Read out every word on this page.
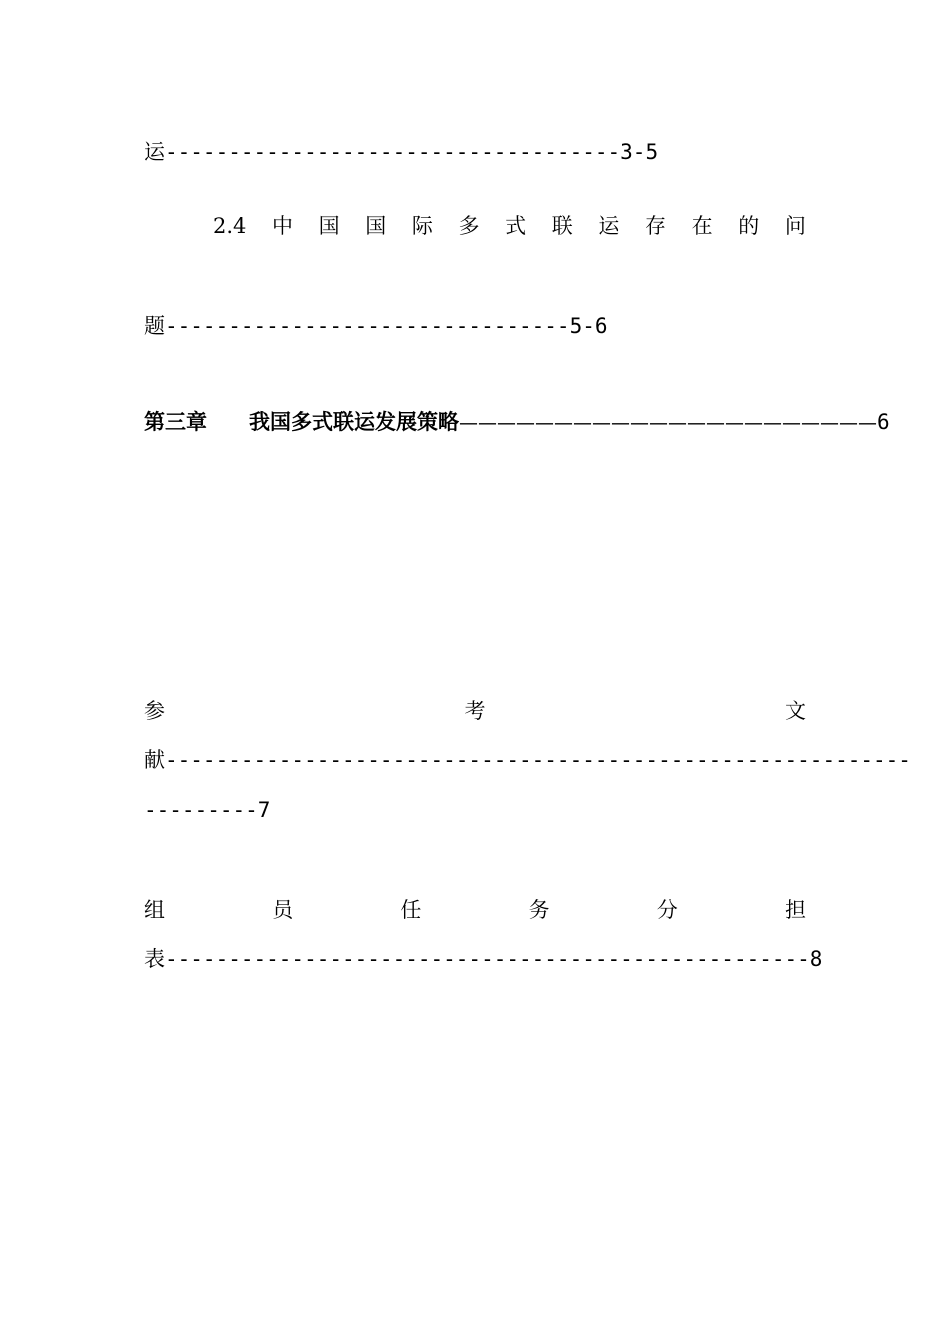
运------------------------------------3-5
2.4 中 国 国 际 多 式 联 运 存 在 的 问
题--------------------------------5-6
第三章 我国多式联运发展策略——————————————————————6
参	考	文
献-----------------------------------------------------------
---------7
组	员	任	务	分	担
表---------------------------------------------------8
